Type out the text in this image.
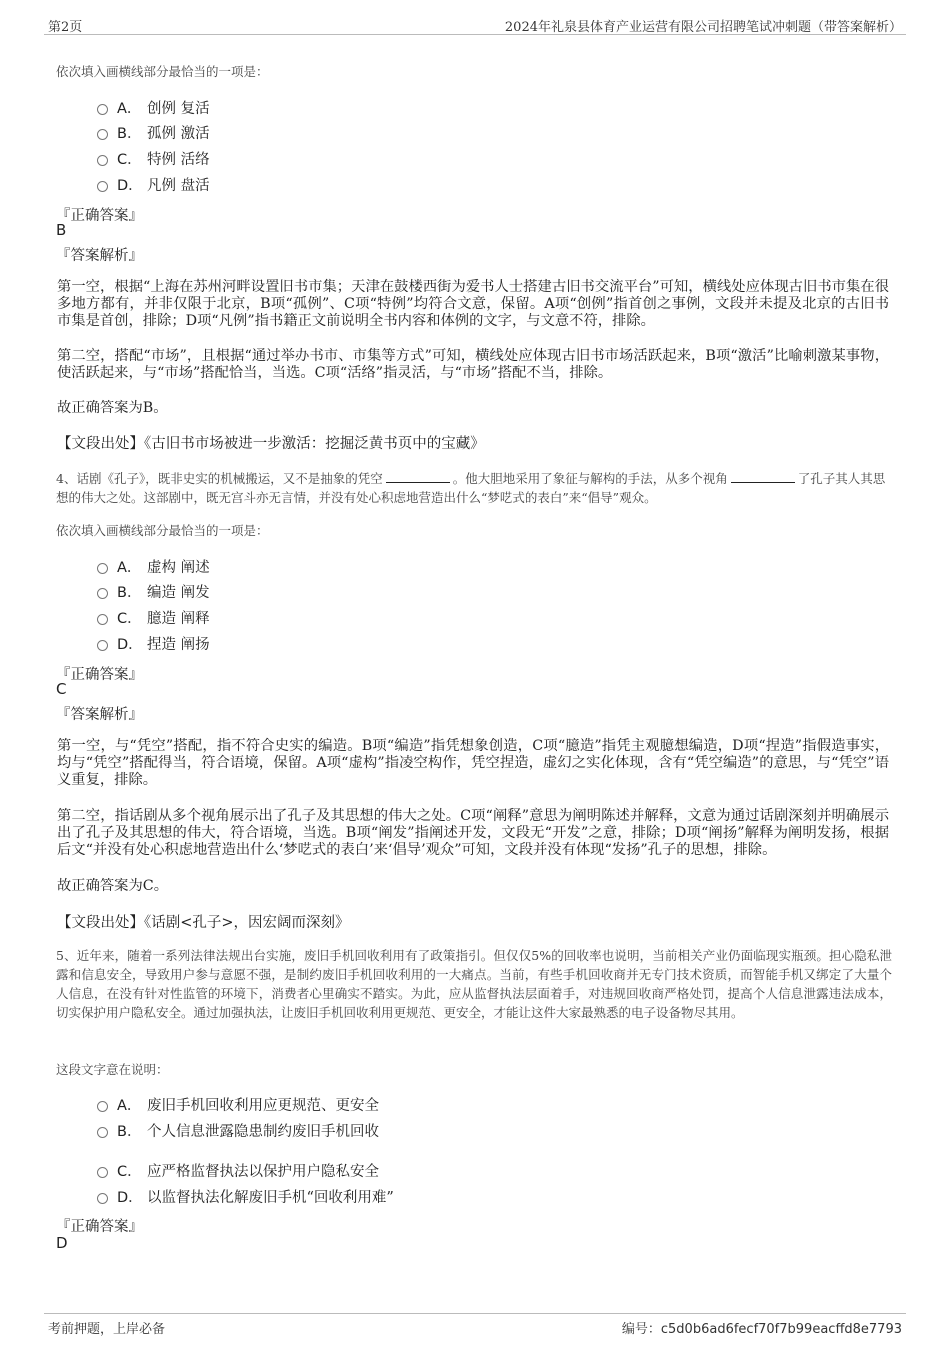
第2页	2024年礼泉县体育产业运营有限公司招聘笔试冲刺题（带答案解析）
依次填入画横线部分最恰当的一项是：
A． 创例 复活
B． 孤例 激活
C． 特例 活络
D． 凡例 盘活
『正确答案』
B
『答案解析』
第一空，根据“上海在苏州河畔设置旧书市集；天津在鼓楼西街为爱书人士搭建古旧书交流平台”可知，横线处应体现古旧书市集在很多地方都有，并非仅限于北京，B项“孤例”、C项“特例”均符合文意，保留。A项“创例”指首创之事例，文段并未提及北京的古旧书市集是首创，排除；D项“凡例”指书籍正文前说明全书内容和体例的文字，与文意不符，排除。
第二空，搭配“市场”，且根据“通过举办书市、市集等方式”可知，横线处应体现古旧书市场活跃起来，B项“激活”比喻刺激某事物，使活跃起来，与“市场”搭配恰当，当选。C项“活络”指灵活，与“市场”搭配不当，排除。
故正确答案为B。
【文段出处】《古旧书市场被进一步激活：挖掘泛黄书页中的宝藏》
4、话剧《孔子》，既非史实的机械搬运，又不是抽象的凭空	。他大胆地采用了象征与解构的手法，从多个视角	了孔子其人其思想的伟大之处。这部剧中，既无宫斗亦无言情，并没有处心积虑地营造出什么“梦呓式的表白”来“倡导”观众。
依次填入画横线部分最恰当的一项是：
A． 虚构 阐述
B． 编造 阐发
C． 臆造 阐释
D． 捏造 阐扬
『正确答案』
C
『答案解析』
第一空，与“凭空”搭配，指不符合史实的编造。B项“编造”指凭想象创造，C项“臆造”指凭主观臆想编造，D项“捏造”指假造事实，均与“凭空”搭配得当，符合语境，保留。A项“虚构”指凌空构作，凭空捏造，虚幻之实化体现，含有“凭空编造”的意思，与“凭空”语义重复，排除。
第二空，指话剧从多个视角展示出了孔子及其思想的伟大之处。C项“阐释”意思为阐明陈述并解释，文意为通过话剧深刻并明确展示出了孔子及其思想的伟大，符合语境，当选。B项“阐发”指阐述开发，文段无“开发”之意，排除；D项“阐扬”解释为阐明发扬，根据后文“并没有处心积虑地营造出什么‘梦呓式的表白’来‘倡导’观众”可知，文段并没有体现“发扬”孔子的思想，排除。
故正确答案为C。
【文段出处】《话剧<孔子>，因宏阔而深刻》
5、近年来，随着一系列法律法规出台实施，废旧手机回收利用有了政策指引。但仅仅5%的回收率也说明，当前相关产业仍面临现实瓶颈。担心隐私泄露和信息安全，导致用户参与意愿不强，是制约废旧手机回收利用的一大痛点。当前，有些手机回收商并无专门技术资质，而智能手机又绑定了大量个人信息，在没有针对性监管的环境下，消费者心里确实不踏实。为此，应从监督执法层面着手，对违规回收商严格处罚，提高个人信息泄露违法成本，切实保护用户隐私安全。通过加强执法，让废旧手机回收利用更规范、更安全，才能让这件大家最熟悉的电子设备物尽其用。
这段文字意在说明：
A． 废旧手机回收利用应更规范、更安全
B． 个人信息泄露隐患制约废旧手机回收
C． 应严格监督执法以保护用户隐私安全
D． 以监督执法化解废旧手机“回收利用难”
『正确答案』
D
考前押题，上岸必备	编号：c5d0b6ad6fecf70f7b99eacffd8e7793
